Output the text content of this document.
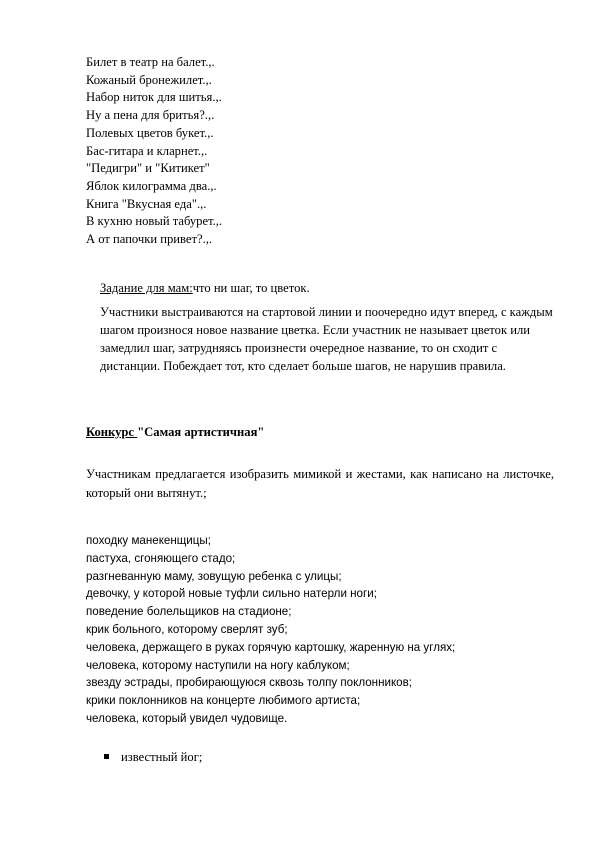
Билет в театр на балет.,.
Кожаный бронежилет.,.
Набор ниток для шитья.,.
Ну а пена для бритья?.,.
Полевых цветов букет.,.
Бас-гитара и кларнет.,.
"Педигри" и "Китикет"
Яблок килограмма два.,.
Книга "Вкусная еда".,.
В кухню новый табурет.,.
А от папочки привет?.,.
Задание для мам:что ни шаг, то цветок.
Участники выстраиваются на стартовой линии и поочередно идут вперед, с каждым шагом произнося новое название цветка. Если участник не называет цветок или замедлил шаг, затрудняясь произнести очередное название, то он сходит с дистанции. Побеждает тот, кто сделает больше шагов, не нарушив правила.
Конкурс "Самая артистичная"
Участникам предлагается изобразить мимикой и жестами, как написано на листочке, который они вытянут.;
походку манекенщицы;
пастуха, сгоняющего стадо;
разгневанную маму, зовущую ребенка с улицы;
девочку, у которой новые туфли сильно натерли ноги;
поведение болельщиков на стадионе;
крик больного, которому сверлят зуб;
человека, держащего в руках горячую картошку, жаренную на углях;
человека, которому наступили на ногу каблуком;
звезду эстрады, пробирающуюся сквозь толпу поклонников;
крики поклонников на концерте любимого артиста;
человека, который увидел чудовище.
известный йог;
